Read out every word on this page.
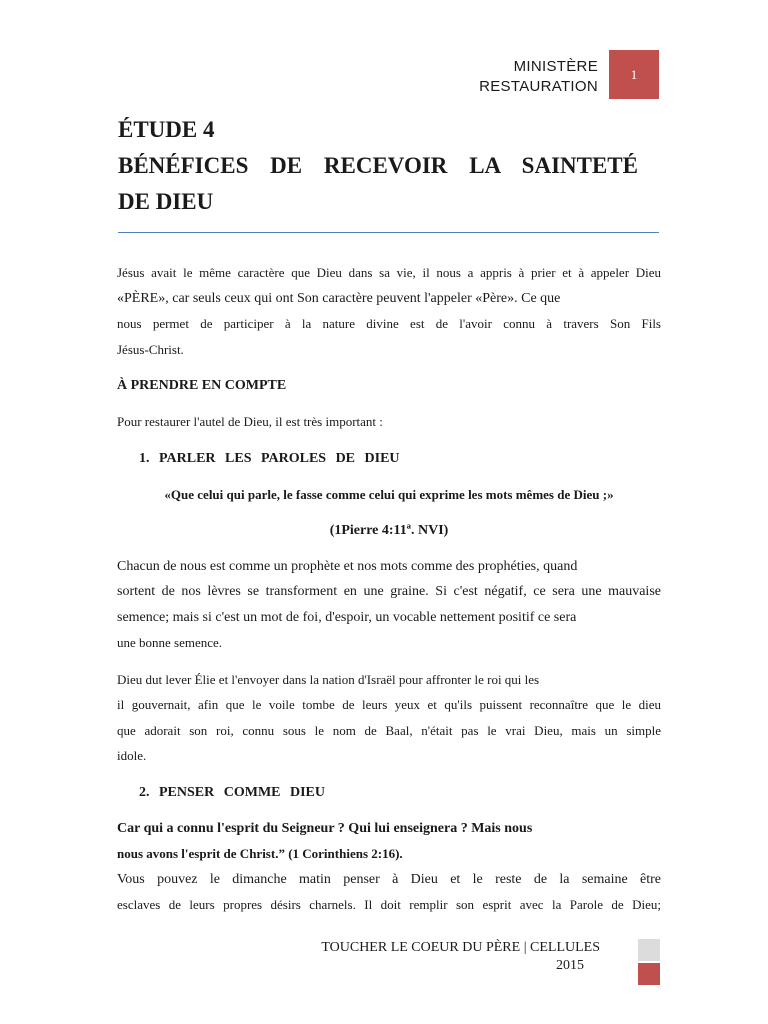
MINISTÈRE
RESTAURATION
1
ÉTUDE 4
BÉNÉFICES DE RECEVOIR LA SAINTETÉ
DE DIEU

Jésus avait le même caractère que Dieu dans sa vie, il nous a appris à prier et à appeler Dieu
«PÈRE», car seuls ceux qui ont Son caractère peuvent l'appeler «Père». Ce que
nous permet de participer à la nature divine est de l'avoir connu à travers Son Fils
Jésus-Christ.

À PRENDRE EN COMPTE
Pour restaurer l'autel de Dieu, il est très important :
1. PARLER LES PAROLES DE DIEU
«Que celui qui parle, le fasse comme celui qui exprime les mots mêmes de Dieu ;»
(1Pierre 4:11ª. NVI)

Chacun de nous est comme un prophète et nos mots comme des prophéties, quand
sortent de nos lèvres se transforment en une graine. Si c'est négatif, ce sera une mauvaise
semence; mais si c'est un mot de foi, d'espoir, un vocable nettement positif ce sera
une bonne semence.

Dieu dut lever Élie et l'envoyer dans la nation d'Israël pour affronter le roi qui les
il gouvernait, afin que le voile tombe de leurs yeux et qu'ils puissent reconnaître que le dieu
que adorait son roi, connu sous le nom de Baal, n'était pas le vrai Dieu, mais un simple
idole.

2. PENSER COMME DIEU

Car qui a connu l'esprit du Seigneur ? Qui lui enseignera ? Mais nous
nous avons l'esprit de Christ.” (1 Corinthiens 2:16).

Vous pouvez le dimanche matin penser à Dieu et le reste de la semaine être
esclaves de leurs propres désirs charnels. Il doit remplir son esprit avec la Parole de Dieu;

TOUCHER LE COEUR DU PÈRE | CELLULES
2015
